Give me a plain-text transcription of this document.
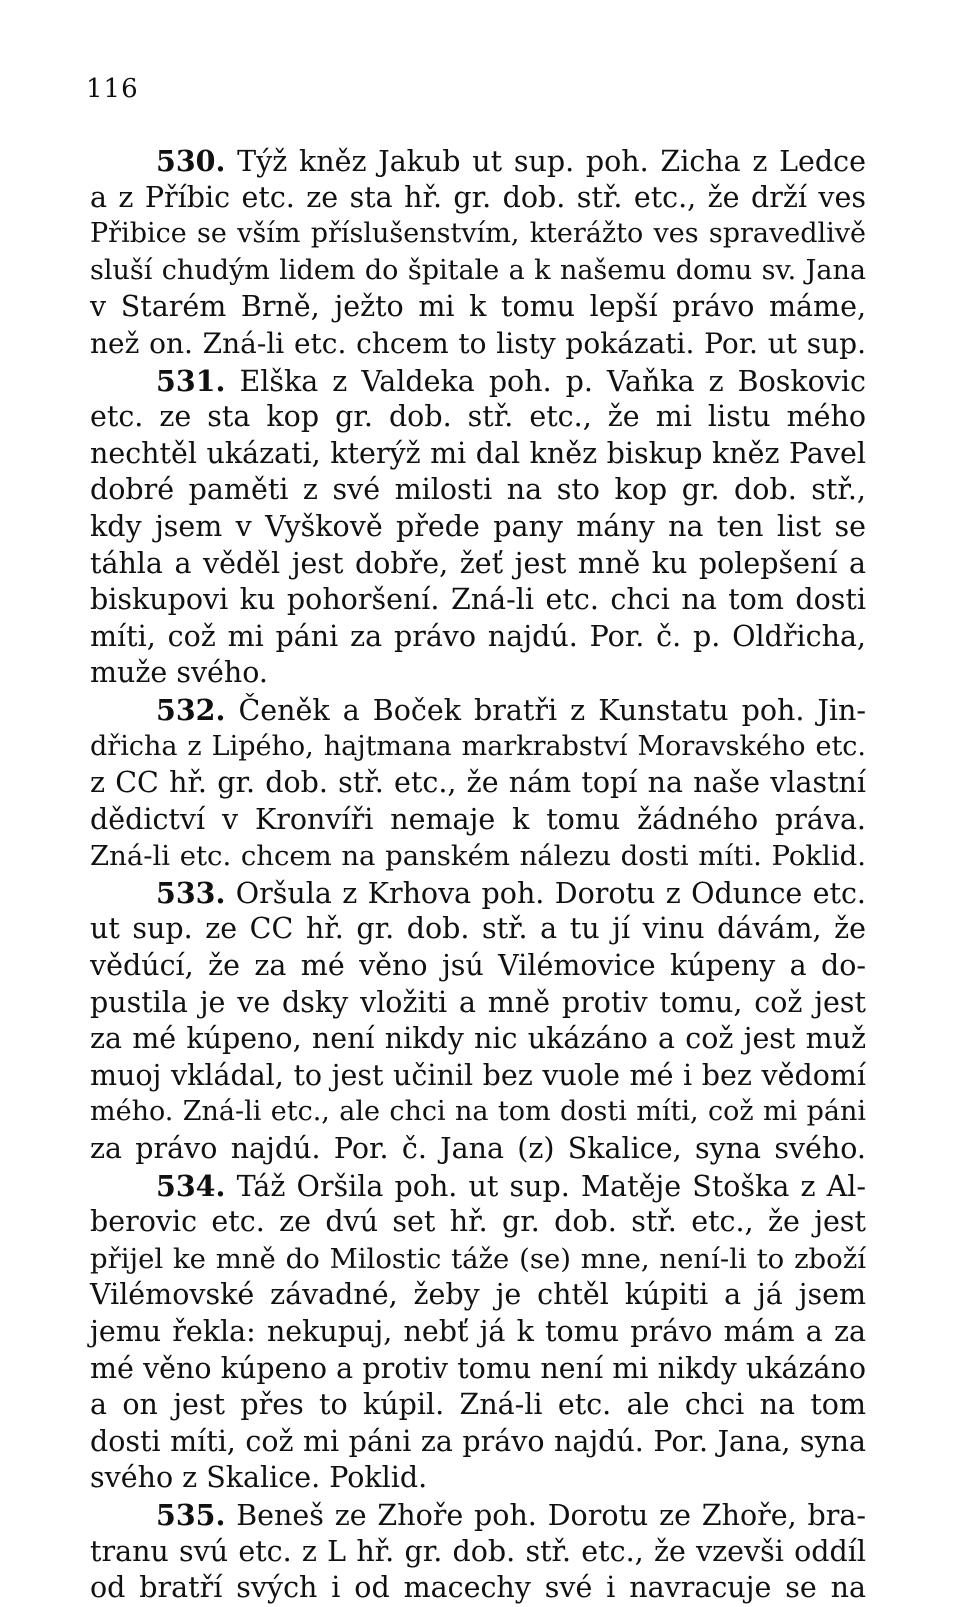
116
530. Týž kněz Jakub ut sup. poh. Zicha z Ledce
a z Příbic etc. ze sta hř. gr. dob. stř. etc., že drží ves
Přibice se vším příslušenstvím, kterážto ves spravedlivě
sluší chudým lidem do špitale a k našemu domu sv. Jana
v Starém Brně, ježto mi k tomu lepší právo máme,
než on. Zná-li etc. chcem to listy pokázati. Por. ut sup.
531. Elška z Valdeka poh. p. Vaňka z Boskovic
etc. ze sta kop gr. dob. stř. etc., že mi listu mého
nechtěl ukázati, kterýž mi dal kněz biskup kněz Pavel
dobré paměti z své milosti na sto kop gr. dob. stř.,
kdy jsem v Vyškově přede pany mány na ten list se
táhla a věděl jest dobře, žeť jest mně ku polepšení a
biskupovi ku pohoršení. Zná-li etc. chci na tom dosti
míti, což mi páni za právo najdú. Por. č. p. Oldřicha,
muže svého.
532. Čeněk a Boček bratři z Kunstatu poh. Jin-
dřicha z Lipého, hajtmana markrabství Moravského etc.
z CC hř. gr. dob. stř. etc., že nám topí na naše vlastní
dědictví v Kronvíři nemaje k tomu žádného práva.
Zná-li etc. chcem na panském nálezu dosti míti. Poklid.
533. Oršula z Krhova poh. Dorotu z Odunce etc.
ut sup. ze CC hř. gr. dob. stř. a tu jí vinu dávám, že
vědúcí, že za mé věno jsú Vilémovice kúpeny a do-
pustila je ve dsky vložiti a mně protiv tomu, což jest
za mé kúpeno, není nikdy nic ukázáno a což jest muž
muoj vkládal, to jest učinil bez vuole mé i bez vědomí
mého. Zná-li etc., ale chci na tom dosti míti, což mi páni
za právo najdú. Por. č. Jana (z) Skalice, syna svého.
534. Táž Oršila poh. ut sup. Matěje Stoška z Al-
berovic etc. ze dvú set hř. gr. dob. stř. etc., že jest
přijel ke mně do Milostic táže (se) mne, není-li to zboží
Vilémovské závadné, žeby je chtěl kúpiti a já jsem
jemu řekla: nekupuj, nebť já k tomu právo mám a za
mé věno kúpeno a protiv tomu není mi nikdy ukázáno
a on jest přes to kúpil. Zná-li etc. ale chci na tom
dosti míti, což mi páni za právo najdú. Por. Jana, syna
svého z Skalice. Poklid.
535. Beneš ze Zhoře poh. Dorotu ze Zhoře, bra-
tranu svú etc. z L hř. gr. dob. stř. etc., že vzevši oddíl
od bratří svých i od macechy své i navracuje se na
